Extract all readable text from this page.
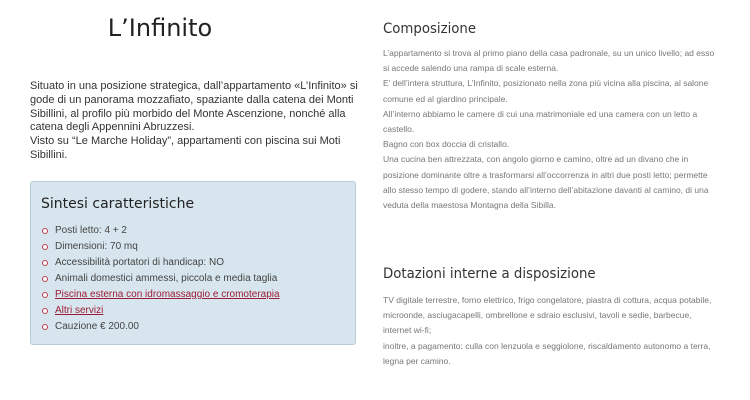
L’Infinito

Situato in una posizione strategica, dall’appartamento «L’Infinito» si gode di un panorama mozzafiato, spaziante dalla catena dei Monti Sibillini, al profilo più morbido del Monte Ascenzione, nonché alla catena degli Appennini Abruzzesi.
Visto su “Le Marche Holiday”, appartamenti con piscina sui Moti Sibillini.

Sintesi caratteristiche
Posti letto: 4 + 2
Dimensioni: 70 mq
Accessibilità portatori di handicap: NO
Animali domestici ammessi, piccola e media taglia
Piscina esterna con idromassaggio e cromoterapia
Altri servizi
Cauzione € 200.00
Composizione

L’appartamento si trova al primo piano della casa padronale, su un unico livello; ad esso si accede salendo una rampa di scale esterna.
E’ dell’intera struttura, L’Infinito, posizionato nella zona più vicina alla piscina, al salone comune ed al giardino principale.
All’interno abbiamo le camere di cui una matrimoniale ed una camera con un letto a castello.
Bagno con box doccia di cristallo.
Una cucina ben attrezzata, con angolo giorno e camino, oltre ad un divano che in posizione dominante oltre a trasformarsi all’occorrenza in altri due posti letto; permette allo stesso tempo di godere, stando all’interno dell’abitazione davanti al camino, di una veduta della maestosa Montagna della Sibilla.

Dotazioni interne a disposizione

TV digitale terrestre, forno elettrico, frigo congelatore, piastra di cottura, acqua potabile, microonde, asciugacapelli, ombrellone e sdraio esclusivi, tavoli e sedie, barbecue, internet wi-fi;
inoltre, a pagamento: culla con lenzuola e seggiolone, riscaldamento autonomo a terra, legna per camino.
